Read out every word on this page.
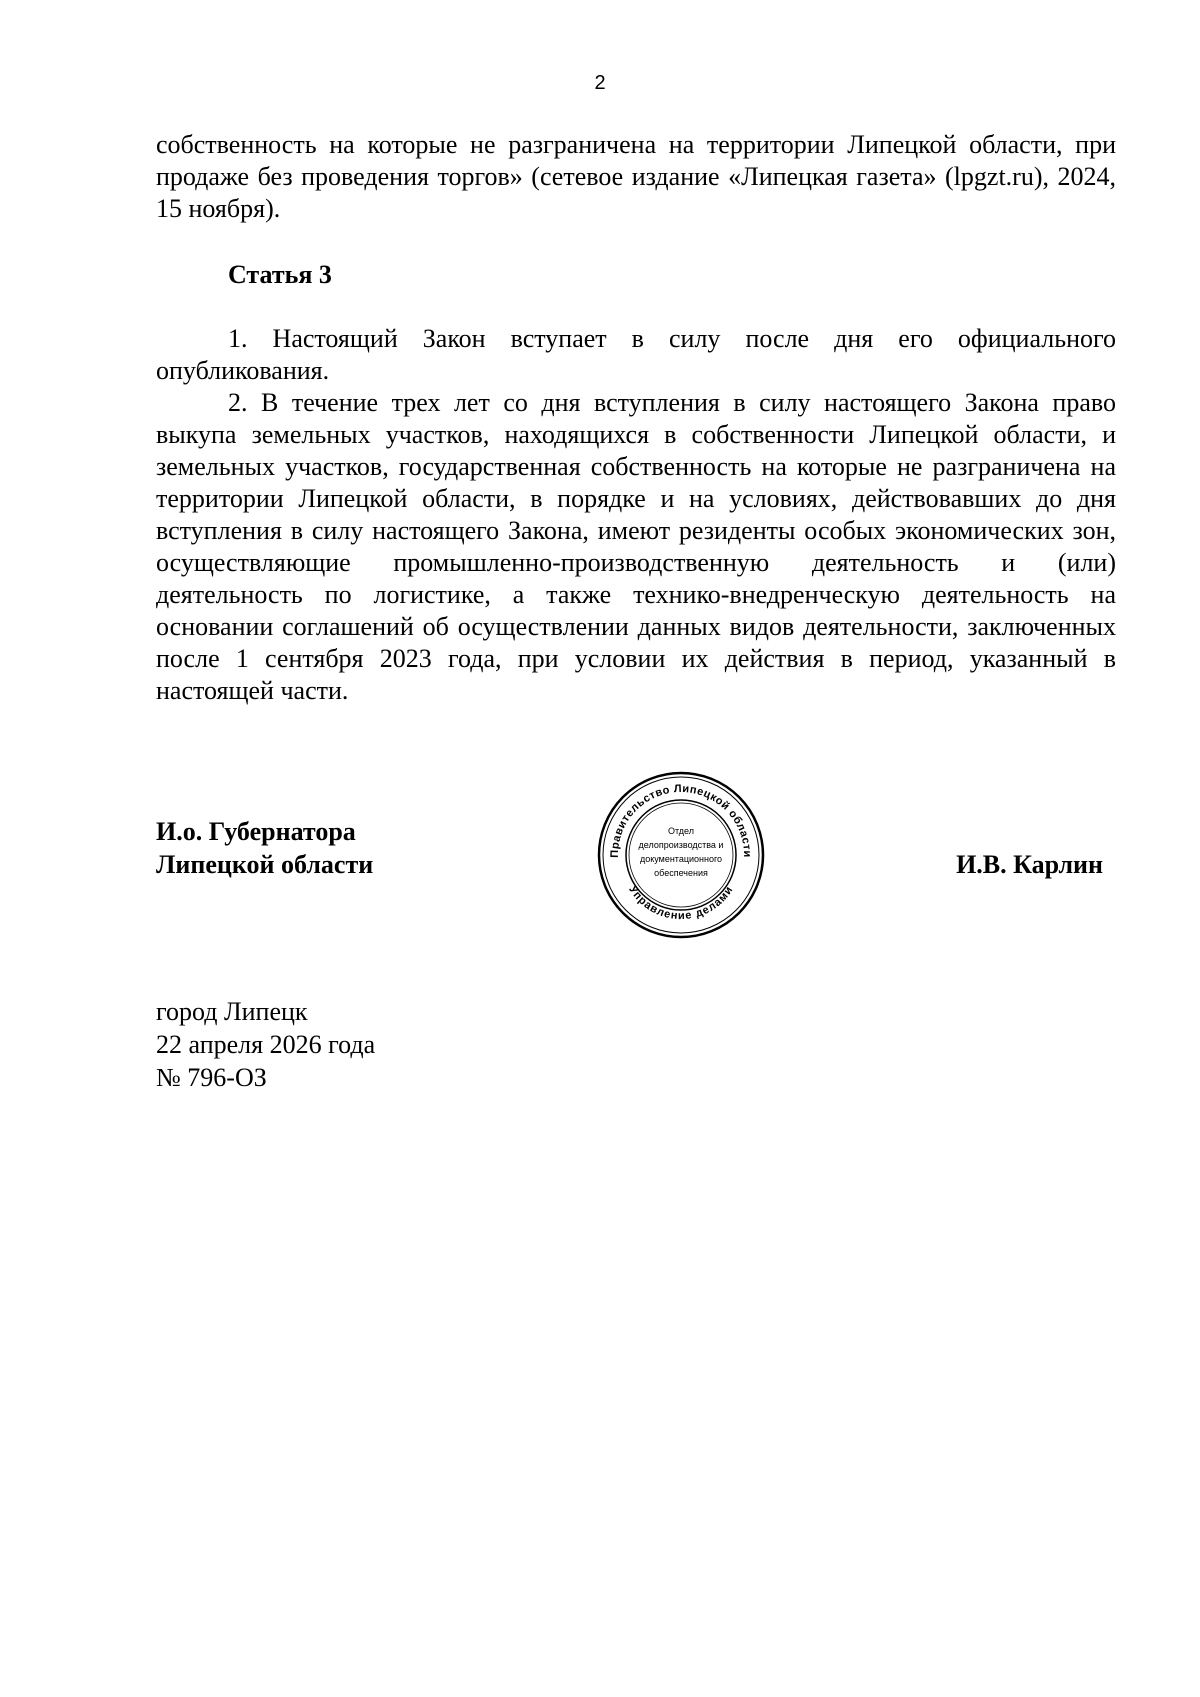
2

собственность на которые не разграничена на территории Липецкой области, при продаже без проведения торгов» (сетевое издание «Липецкая газета» (lpgzt.ru), 2024, 15 ноября).

Статья 3

1. Настоящий Закон вступает в силу после дня его официального опубликования.

2. В течение трех лет со дня вступления в силу настоящего Закона право выкупа земельных участков, находящихся в собственности Липецкой области, и земельных участков, государственная собственность на которые не разграничена на территории Липецкой области, в порядке и на условиях, действовавших до дня вступления в силу настоящего Закона, имеют резиденты особых экономических зон, осуществляющие промышленно-производственную деятельность и (или) деятельность по логистике, а также технико-внедренческую деятельность на основании соглашений об осуществлении данных видов деятельности, заключенных после 1 сентября 2023 года, при условии их действия в период, указанный в настоящей части.

И.о. Губернатора
Липецкой области	Правительство Липецкой области
Управление делами
Отдел
делопроизводства и
документационного
обеспечения	И.В. Карлин
город Липецк
22 апреля 2026 года
№ 796-ОЗ
